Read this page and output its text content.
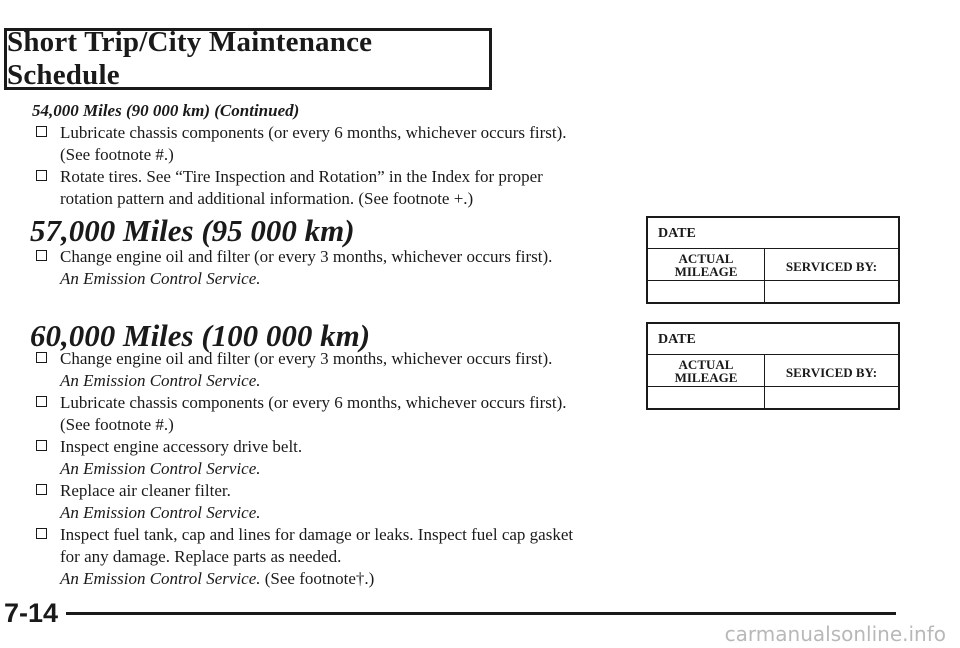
Short Trip/City Maintenance Schedule
54,000 Miles (90 000 km) (Continued)
Lubricate chassis components (or every 6 months, whichever occurs first).
(See footnote #.)
Rotate tires. See “Tire Inspection and Rotation” in the Index for proper
rotation pattern and additional information. (See footnote +.)
57,000 Miles (95 000 km)
Change engine oil and filter (or every 3 months, whichever occurs first).
An Emission Control Service.
60,000 Miles (100 000 km)
Change engine oil and filter (or every 3 months, whichever occurs first).
An Emission Control Service.
Lubricate chassis components (or every 6 months, whichever occurs first).
(See footnote #.)
Inspect engine accessory drive belt.
An Emission Control Service.
Replace air cleaner filter.
An Emission Control Service.
Inspect fuel tank, cap and lines for damage or leaks. Inspect fuel cap gasket
for any damage. Replace parts as needed.
An Emission Control Service. (See footnote†.)
DATE
ACTUAL
MILEAGE	SERVICED BY:
DATE
ACTUAL
MILEAGE	SERVICED BY:
7-14
carmanualsonline.info
